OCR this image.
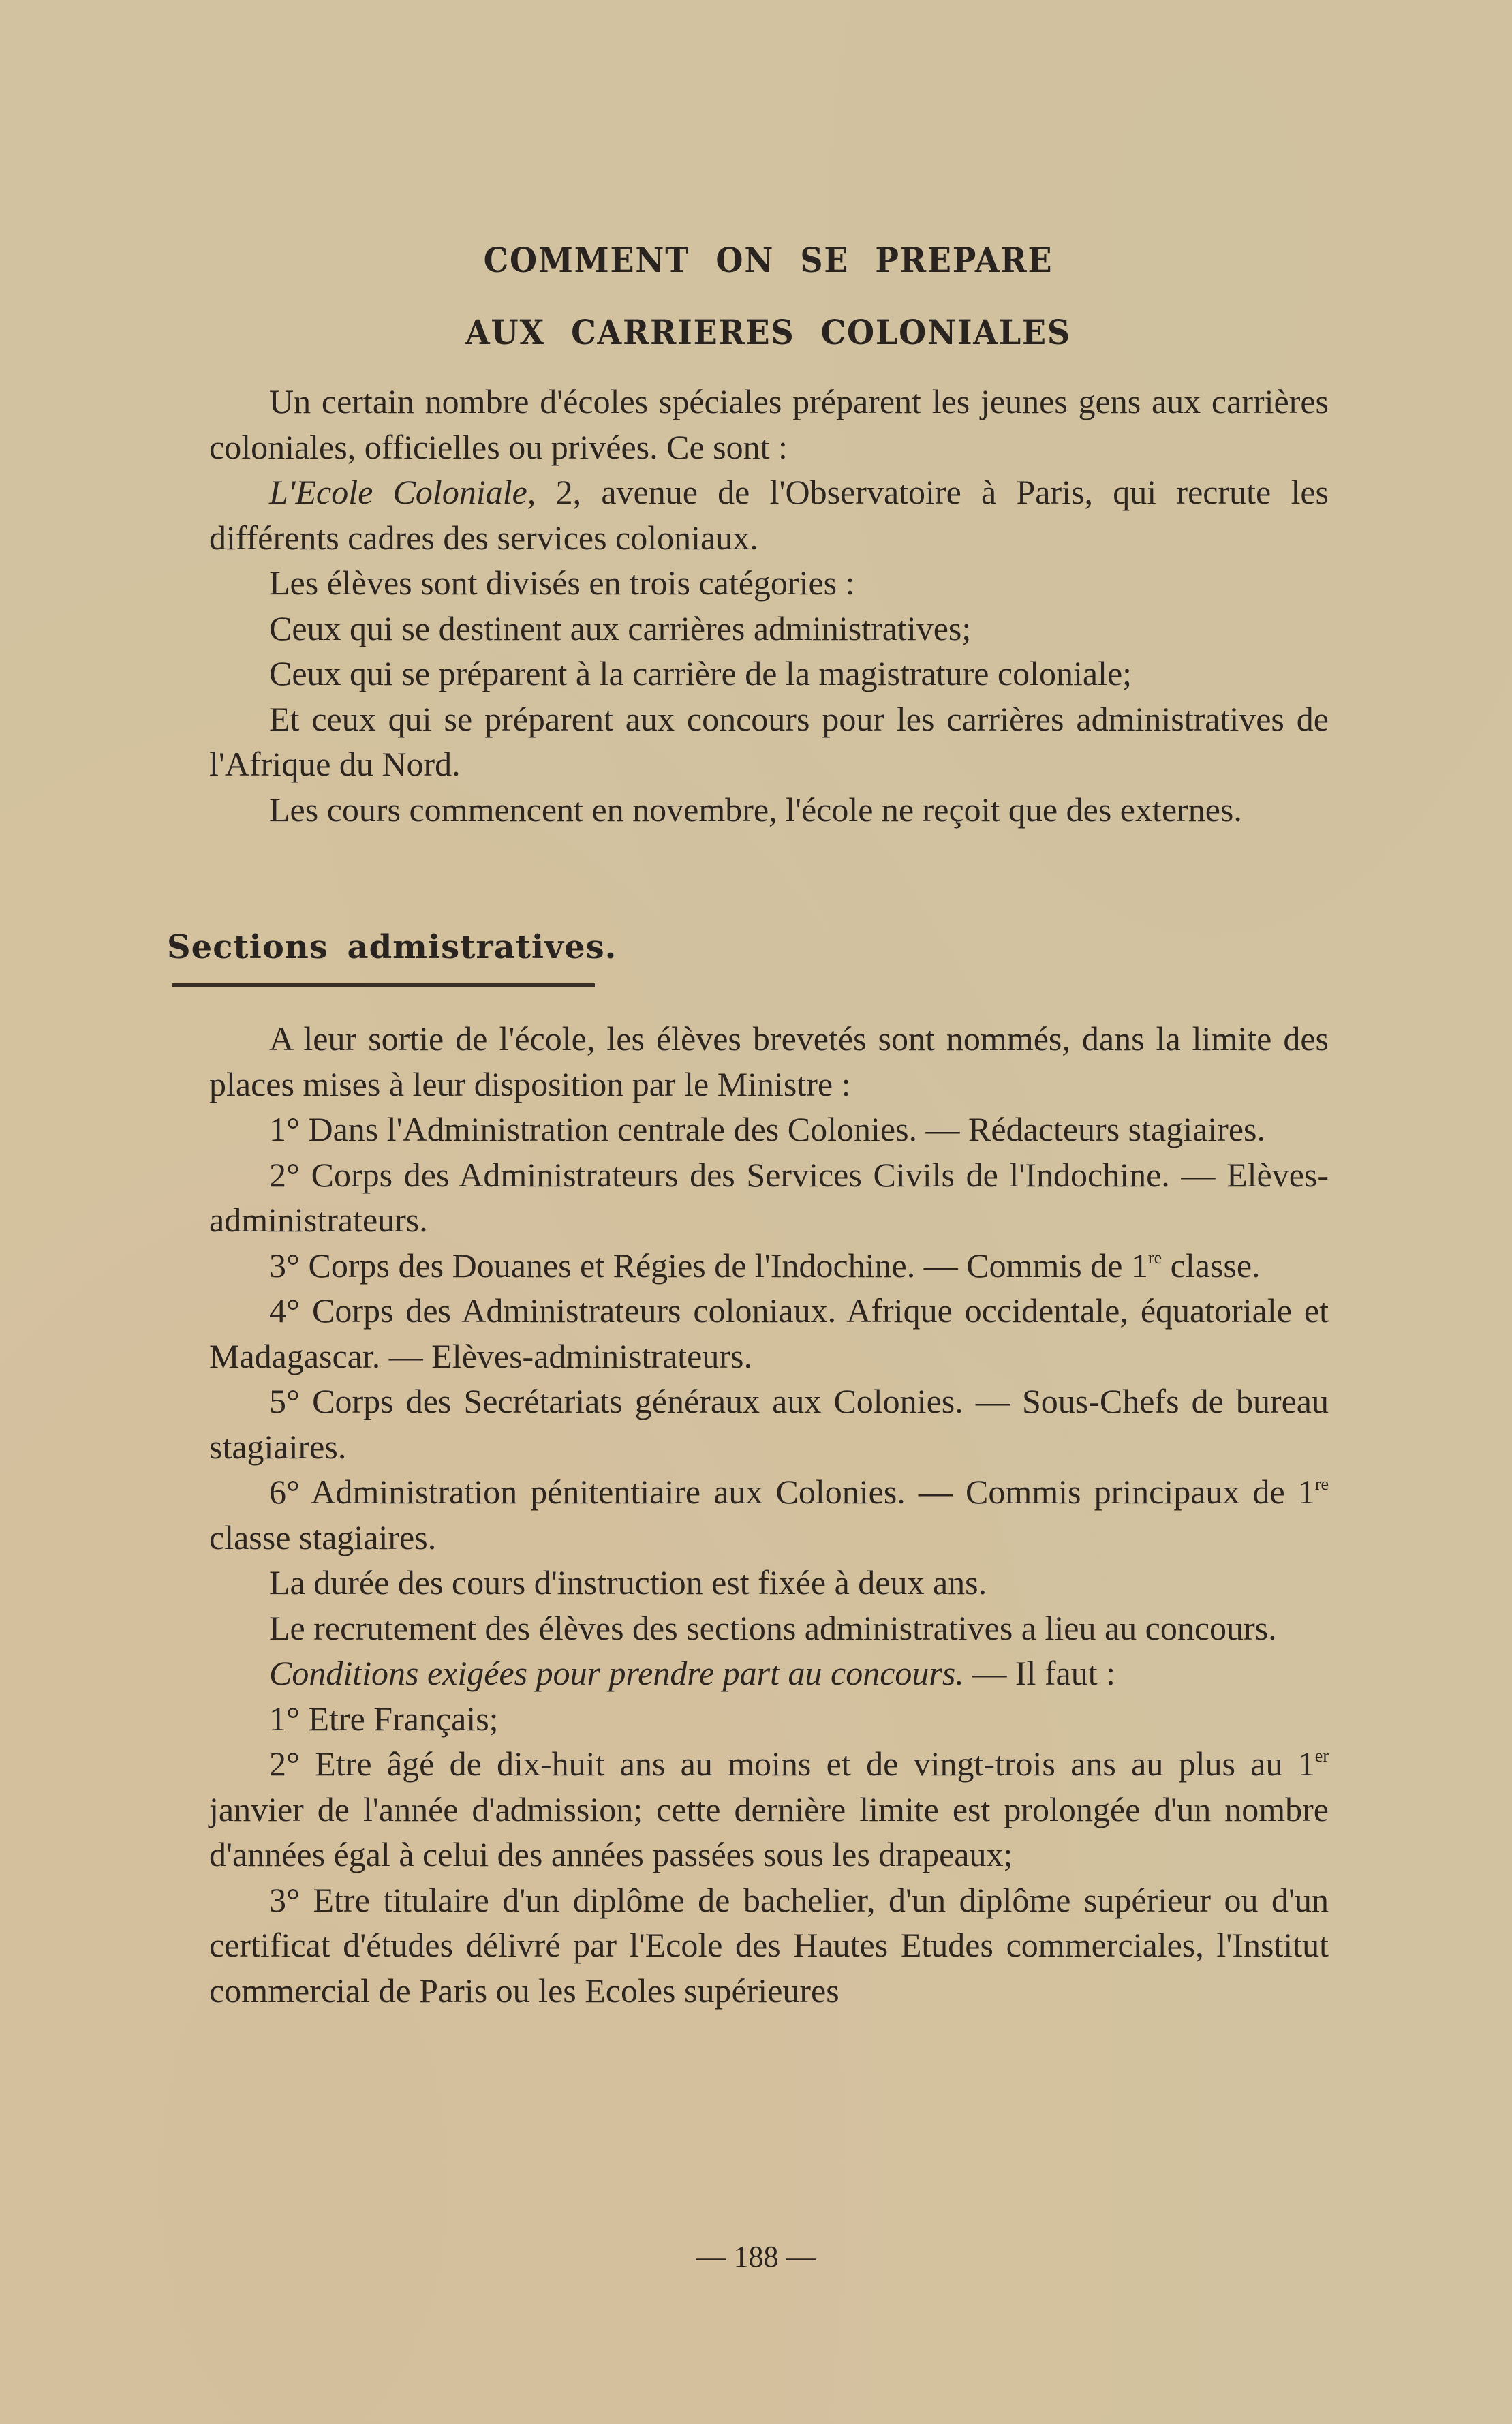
COMMENT ON SE PREPARE
AUX CARRIERES COLONIALES

Un certain nombre d'écoles spéciales préparent les jeunes gens aux carrières coloniales, officielles ou privées. Ce sont :

L'Ecole Coloniale, 2, avenue de l'Observatoire à Paris, qui recrute les différents cadres des services coloniaux.

Les élèves sont divisés en trois catégories :

Ceux qui se destinent aux carrières administratives;

Ceux qui se préparent à la carrière de la magistrature coloniale;

Et ceux qui se préparent aux concours pour les carrières administratives de l'Afrique du Nord.

Les cours commencent en novembre, l'école ne reçoit que des externes.

Sections admistratives.

A leur sortie de l'école, les élèves brevetés sont nommés, dans la limite des places mises à leur disposition par le Ministre :

1° Dans l'Administration centrale des Colonies. — Rédacteurs stagiaires.

2° Corps des Administrateurs des Services Civils de l'Indochine. — Elèves-administrateurs.

3° Corps des Douanes et Régies de l'Indochine. — Commis de 1re classe.

4° Corps des Administrateurs coloniaux. Afrique occidentale, équatoriale et Madagascar. — Elèves-administrateurs.

5° Corps des Secrétariats généraux aux Colonies. — Sous-Chefs de bureau stagiaires.

6° Administration pénitentiaire aux Colonies. — Commis principaux de 1re classe stagiaires.

La durée des cours d'instruction est fixée à deux ans.

Le recrutement des élèves des sections administratives a lieu au concours.

Conditions exigées pour prendre part au concours. — Il faut :

1° Etre Français;

2° Etre âgé de dix-huit ans au moins et de vingt-trois ans au plus au 1er janvier de l'année d'admission; cette dernière limite est prolongée d'un nombre d'années égal à celui des années passées sous les drapeaux;

3° Etre titulaire d'un diplôme de bachelier, d'un diplôme supérieur ou d'un certificat d'études délivré par l'Ecole des Hautes Etudes commerciales, l'Institut commercial de Paris ou les Ecoles supérieures

— 188 —
